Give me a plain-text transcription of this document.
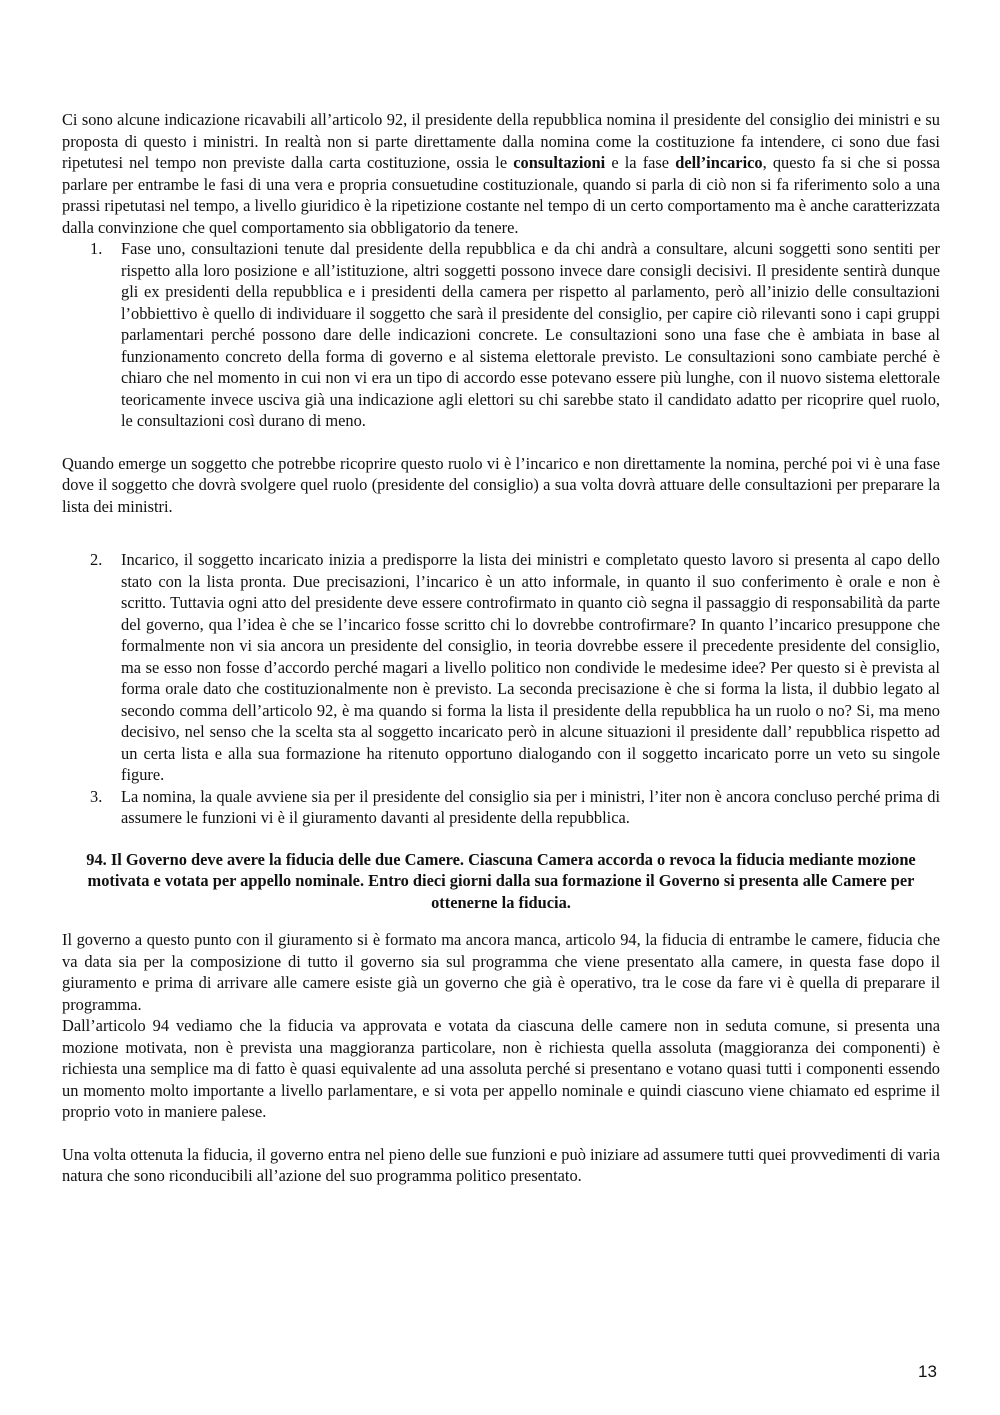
Ci sono alcune indicazione ricavabili all’articolo 92, il presidente della repubblica nomina il presidente del consiglio dei ministri e su proposta di questo i ministri. In realtà non si parte direttamente dalla nomina come la costituzione fa intendere, ci sono due fasi ripetutesi nel tempo non previste dalla carta costituzione, ossia le consultazioni e la fase dell’incarico, questo fa si che si possa parlare per entrambe le fasi di una vera e propria consuetudine costituzionale, quando si parla di ciò non si fa riferimento solo a una prassi ripetutasi nel tempo, a livello giuridico è la ripetizione costante nel tempo di un certo comportamento ma è anche caratterizzata dalla convinzione che quel comportamento sia obbligatorio da tenere.

1. Fase uno, consultazioni tenute dal presidente della repubblica e da chi andrà a consultare, alcuni soggetti sono sentiti per rispetto alla loro posizione e all’istituzione, altri soggetti possono invece dare consigli decisivi. Il presidente sentirà dunque gli ex presidenti della repubblica e i presidenti della camera per rispetto al parlamento, però all’inizio delle consultazioni l’obbiettivo è quello di individuare il soggetto che sarà il presidente del consiglio, per capire ciò rilevanti sono i capi gruppi parlamentari perché possono dare delle indicazioni concrete. Le consultazioni sono una fase che è ambiata in base al funzionamento concreto della forma di governo e al sistema elettorale previsto. Le consultazioni sono cambiate perché è chiaro che nel momento in cui non vi era un tipo di accordo esse potevano essere più lunghe, con il nuovo sistema elettorale teoricamente invece usciva già una indicazione agli elettori su chi sarebbe stato il candidato adatto per ricoprire quel ruolo, le consultazioni così durano di meno.

Quando emerge un soggetto che potrebbe ricoprire questo ruolo vi è l’incarico e non direttamente la nomina, perché poi vi è una fase dove il soggetto che dovrà svolgere quel ruolo (presidente del consiglio) a sua volta dovrà attuare delle consultazioni per preparare la lista dei ministri.

2. Incarico, il soggetto incaricato inizia a predisporre la lista dei ministri e completato questo lavoro si presenta al capo dello stato con la lista pronta. Due precisazioni, l’incarico è un atto informale, in quanto il suo conferimento è orale e non è scritto. Tuttavia ogni atto del presidente deve essere controfirmato in quanto ciò segna il passaggio di responsabilità da parte del governo, qua l’idea è che se l’incarico fosse scritto chi lo dovrebbe controfirmare? In quanto l’incarico presuppone che formalmente non vi sia ancora un presidente del consiglio, in teoria dovrebbe essere il precedente presidente del consiglio, ma se esso non fosse d’accordo perché magari a livello politico non condivide le medesime idee? Per questo si è prevista al forma orale dato che costituzionalmente non è previsto. La seconda precisazione è che si forma la lista, il dubbio legato al secondo comma dell’articolo 92, è ma quando si forma la lista il presidente della repubblica ha un ruolo o no? Si, ma meno decisivo, nel senso che la scelta sta al soggetto incaricato però in alcune situazioni il presidente dall’ repubblica rispetto ad un certa lista e alla sua formazione ha ritenuto opportuno dialogando con il soggetto incaricato porre un veto su singole figure.

3. La nomina, la quale avviene sia per il presidente del consiglio sia per i ministri, l’iter non è ancora concluso perché prima di assumere le funzioni vi è il giuramento davanti al presidente della repubblica.

94. Il Governo deve avere la fiducia delle due Camere. Ciascuna Camera accorda o revoca la fiducia mediante mozione motivata e votata per appello nominale. Entro dieci giorni dalla sua formazione il Governo si presenta alle Camere per ottenerne la fiducia.

Il governo a questo punto con il giuramento si è formato ma ancora manca, articolo 94, la fiducia di entrambe le camere, fiducia che va data sia per la composizione di tutto il governo sia sul programma che viene presentato alla camere, in questa fase dopo il giuramento e prima di arrivare alle camere esiste già un governo che già è operativo, tra le cose da fare vi è quella di preparare il programma.

Dall’articolo 94 vediamo che la fiducia va approvata e votata da ciascuna delle camere non in seduta comune, si presenta una mozione motivata, non è prevista una maggioranza particolare, non è richiesta quella assoluta (maggioranza dei componenti) è richiesta una semplice ma di fatto è quasi equivalente ad una assoluta perché si presentano e votano quasi tutti i componenti essendo un momento molto importante a livello parlamentare, e si vota per appello nominale e quindi ciascuno viene chiamato ed esprime il proprio voto in maniere palese.

Una volta ottenuta la fiducia, il governo entra nel pieno delle sue funzioni e può iniziare ad assumere tutti quei provvedimenti di varia natura che sono riconducibili all’azione del suo programma politico presentato.

13
